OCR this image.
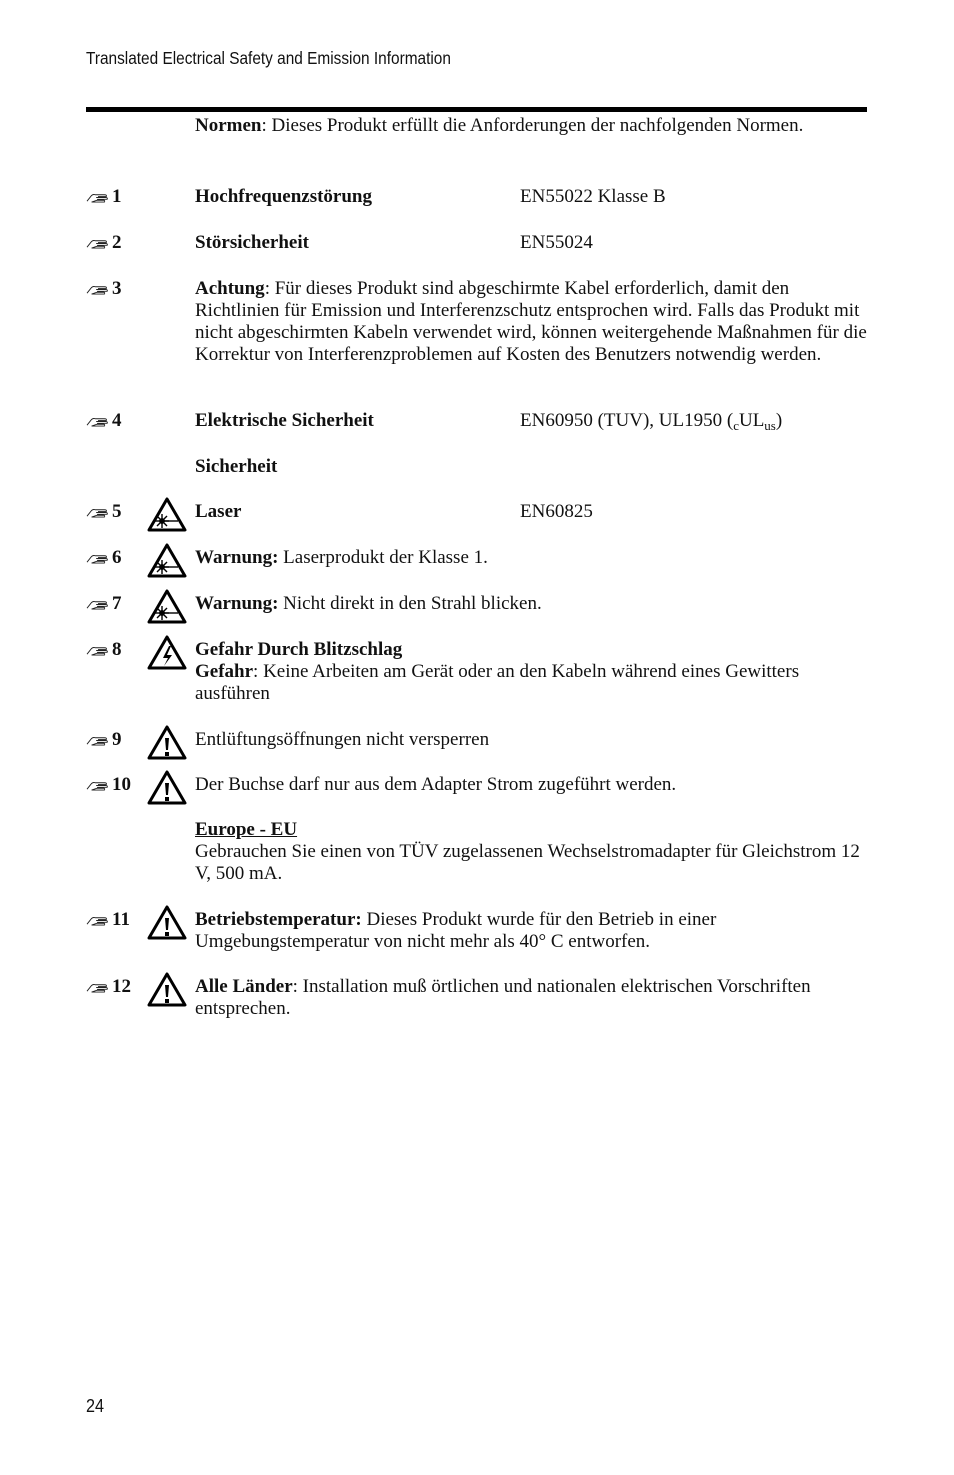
Translated Electrical Safety and Emission Information
Normen: Dieses Produkt erfüllt die Anforderungen der nachfolgenden Normen.
1	Hochfrequenzstörung	EN55022 Klasse B
2	Störsicherheit	EN55024
3	Achtung: Für dieses Produkt sind abgeschirmte Kabel erforderlich, damit den Richtlinien für Emission und Interferenzschutz entsprochen wird. Falls das Produkt mit nicht abgeschirmten Kabeln verwendet wird, können weitergehende Maßnahmen für die Korrektur von Interferenzproblemen auf Kosten des Benutzers notwendig werden.
4	Elektrische Sicherheit	EN60950 (TUV), UL1950 $(_cUL_{us})$
Sicherheit
5	Laser	EN60825
6	Warnung: Laserprodukt der Klasse 1.
7	Warnung: Nicht direkt in den Strahl blicken.
8	Gefahr Durch Blitzschlag
Gefahr: Keine Arbeiten am Gerät oder an den Kabeln während eines Gewitters ausführen
9	Entlüftungsöffnungen nicht versperren
10	Der Buchse darf nur aus dem Adapter Strom zugeführt werden.
Europe - EU
Gebrauchen Sie einen von TÜV zugelassenen Wechselstromadapter für Gleichstrom 12 V, 500 mA.
11	Betriebstemperatur: Dieses Produkt wurde für den Betrieb in einer Umgebungstemperatur von nicht mehr als 40° C entworfen.
12	Alle Länder: Installation muß örtlichen und nationalen elektrischen Vorschriften entsprechen.
24
